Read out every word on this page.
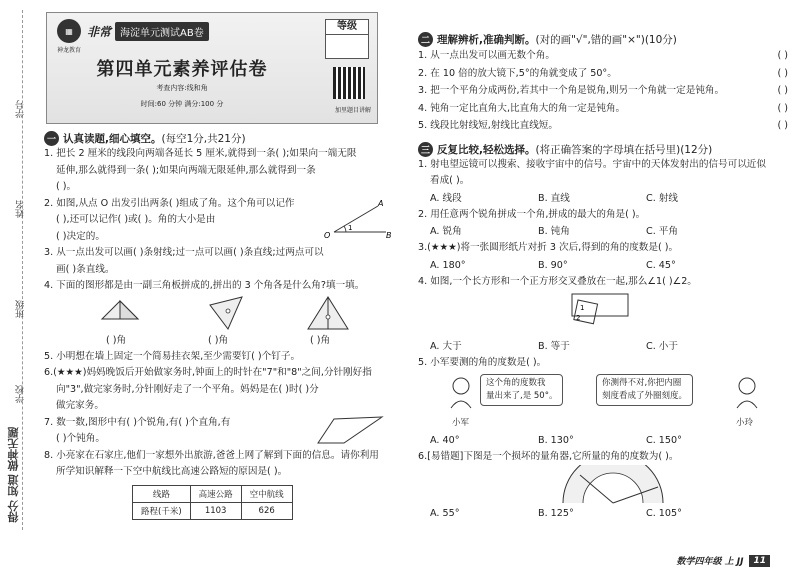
学号
姓名
班级
学校
得分 知道 做神无题
▦	非常 海淀单元测试AB卷
神龙教育
等级
第四单元素养评估卷
考查内容:线和角
时间:60 分钟 满分:100 分
加里题目讲解
一 认真读题,细心填空。 (每空1分,共21分)
1. 把长 2 厘米的线段向两端各延长 5 厘米,就得到一条( );如果向一端无限
延伸,那么就得到一条( );如果向两端无限延伸,那么就得到一条
( )。
2. 如图,从点 O 出发引出两条( )组成了角。这个角可以记作
( ),还可以记作( )或( )。角的大小是由
( )决定的。
A
O	B
1
3. 从一点出发可以画( )条射线;过一点可以画( )条直线;过两点可以
画( )条直线。
4. 下面的图形都是由一副三角板拼成的,拼出的 3 个角各是什么角?填一填。
( )角	( )角	( )角
5. 小明想在墙上固定一个简易挂衣架,至少需要钉( )个钉子。
6.(★★★)妈妈晚饭后开始做家务时,钟面上的时针在"7"和"8"之间,分针刚好指
向"3",做完家务时,分针刚好走了一个平角。妈妈是在( )时( )分
做完家务。
7. 数一数,图形中有( )个锐角,有( )个直角,有
( )个钝角。
8. 小亮家在石家庄,他们一家想外出旅游,爸爸上网了解到下面的信息。请你利用
所学知识解释一下空中航线比高速公路短的原因是( )。
线路	高速公路	空中航线
路程(千米)	1103	626
二 理解辨析,准确判断。 (对的画"√",错的画"×")(10分)
1. 从一点出发可以画无数个角。	( )
2. 在 10 倍的放大镜下,5°的角就变成了 50°。	( )
3. 把一个平角分成两份,若其中一个角是锐角,则另一个角就一定是钝角。	( )
4. 钝角一定比直角大,比直角大的角一定是钝角。	( )
5. 线段比射线短,射线比直线短。	( )
三 反复比较,轻松选择。 (将正确答案的字母填在括号里)(12分)
1. 射电望远镜可以搜索、接收宇宙中的信号。宇宙中的天体发射出的信号可以近似
看成( )。
A. 线段	B. 直线	C. 射线
2. 用任意两个锐角拼成一个角,拼成的最大的角是( )。
A. 锐角	B. 钝角	C. 平角
3.(★★★)将一张圆形纸片对折 3 次后,得到的角的度数是( )。
A. 180°	B. 90°	C. 45°
4. 如图,一个长方形和一个正方形交叉叠放在一起,那么∠1( )∠2。
1
2
A. 大于	B. 等于	C. 小于
5. 小军要测的角的度数是( )。
这个角的度数我
量出来了,是 50°。
你测得不对,你把内圈
刻度看成了外圈刻度。
小军	小玲
A. 40°	B. 130°	C. 150°
6.[易错题]下图是一个损坏的量角器,它所量的角的度数为( )。
A. 55°	B. 125°	C. 105°
数学四年级 上 JJ	11
